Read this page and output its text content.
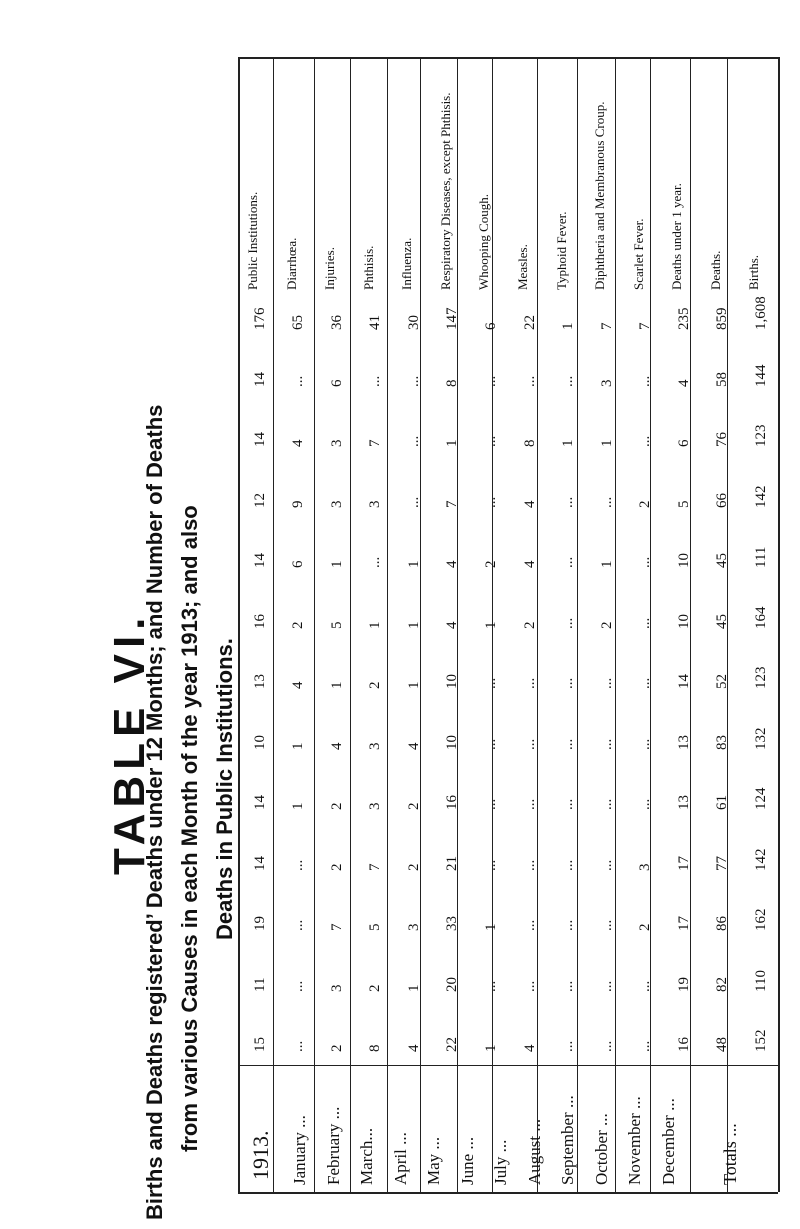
TABLE VI.
Births and Deaths registered’ Deaths under 12 Months; and Number of Deaths from various Causes in each Month of the year 1913; and also Deaths in Public Institutions.
Births.
152
110
162
142
124
132
123
164
111
142
123
144
Deaths.
48
82
86
77
61
83
52
45
45
66
76
58
Deaths under 1 year.
16
19
17
17
13
13
14
10
10
5
6
4
Scarlet Fever.
...
...
2
3
...
...
...
...
...
2
...
...
Diphtheria and Membranous Croup.
...
...
...
...
...
...
...
2
1
...
1
3
Typhoid Fever.
...
...
...
...
...
...
...
...
...
...
1
...
Measles.
4
...
...
...
...
...
...
2
4
4
8
...
Whooping Cough.
1
...
1
...
...
...
...
1
2
...
...
...
Respiratory Diseases, except Phthisis.
22
20
33
21
16
10
10
4
4
7
1
8
Influenza.
4
1
3
2
2
4
1
1
1
...
...
...
Phthisis.
8
2
5
7
3
3
2
1
...
3
7
...
Injuries.
2
3
7
2
2
4
1
5
1
3
3
6
Diarrhœa.
...
...
...
...
1
1
4
2
6
9
4
...
Public Institutions.
15
11
19
14
14
10
13
16
14
12
14
14
1913. January ... February ... March... April ... May ... June ... July ... August ... September ... October ... November ... December ... Totals ...
1,608
859
235
7
7
1
22
6
147
30
41
36
65
176
